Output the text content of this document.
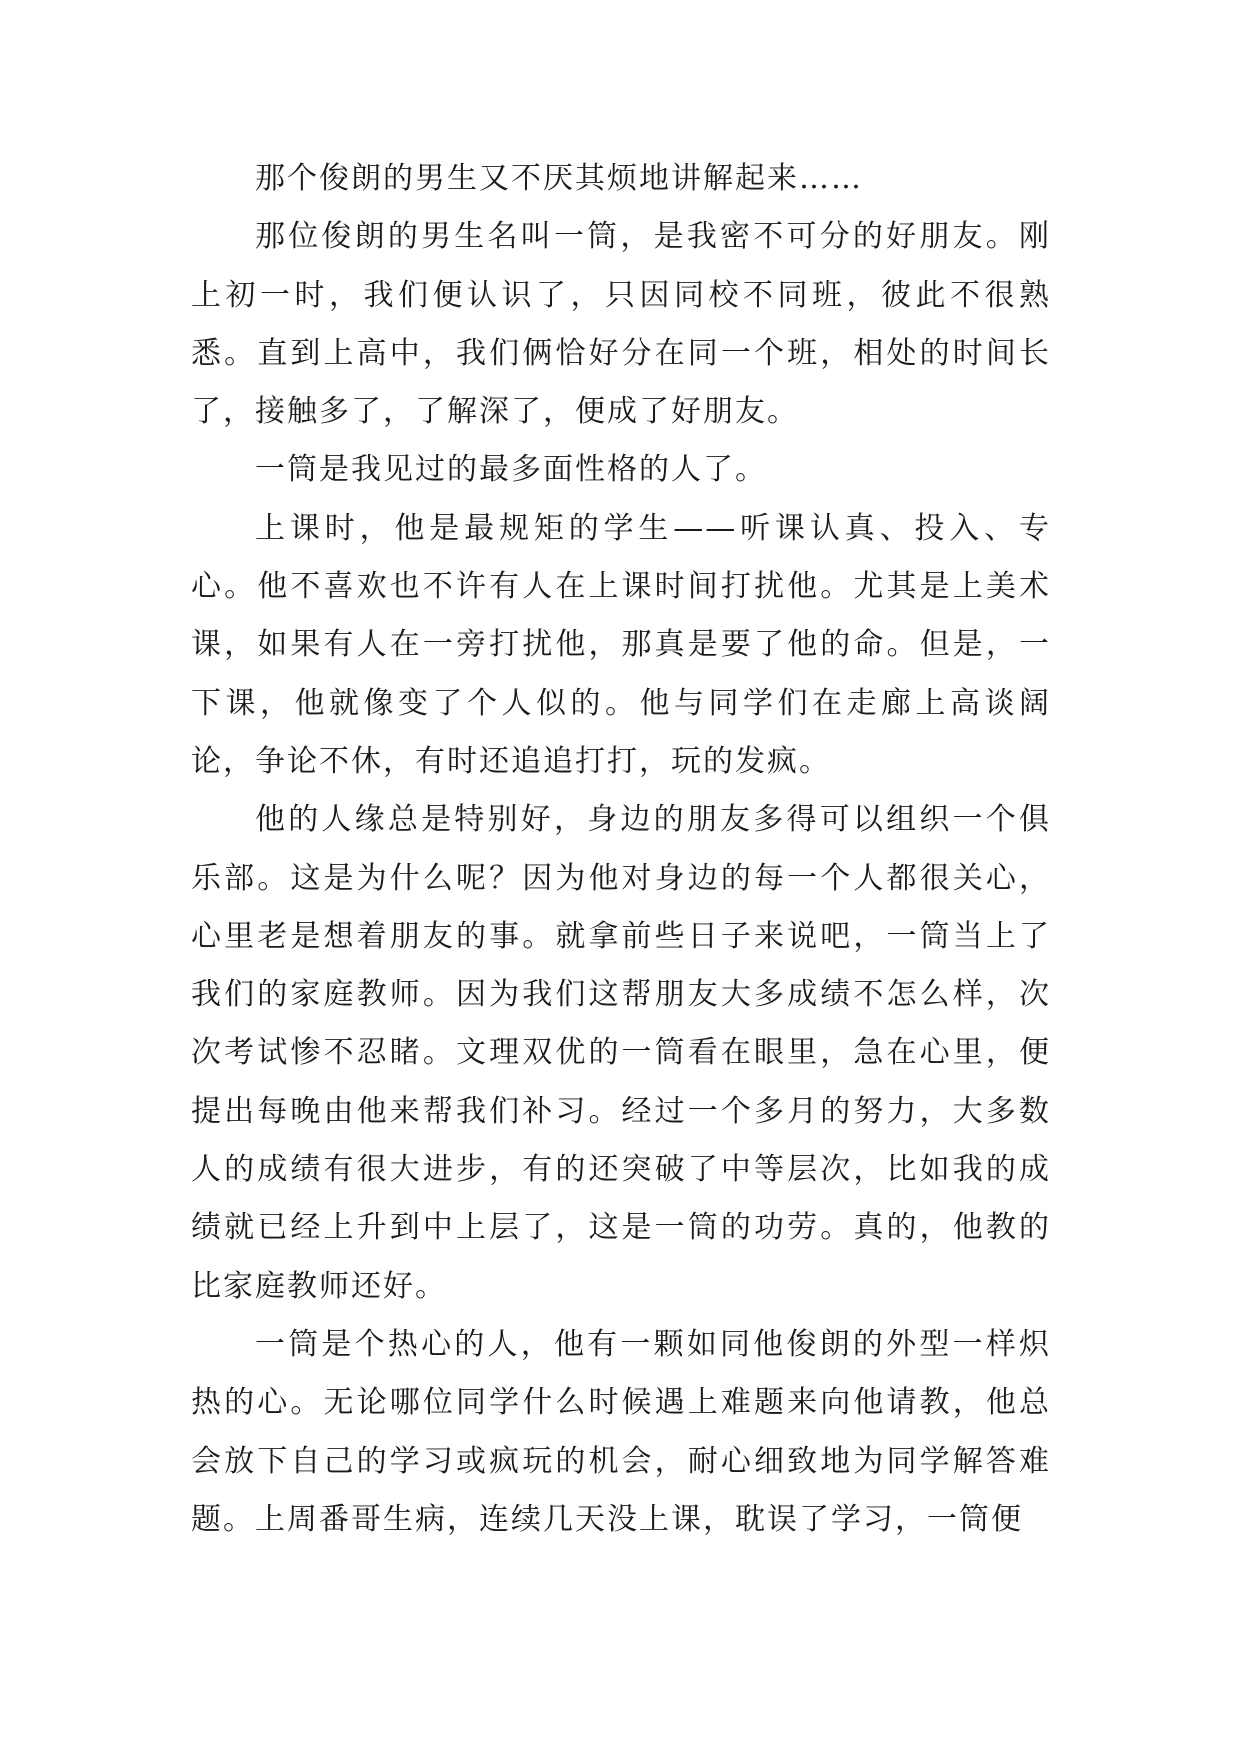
那个俊朗的男生又不厌其烦地讲解起来……

那位俊朗的男生名叫一筒，是我密不可分的好朋友。刚上初一时，我们便认识了，只因同校不同班，彼此不很熟悉。直到上高中，我们俩恰好分在同一个班，相处的时间长了，接触多了，了解深了，便成了好朋友。

一筒是我见过的最多面性格的人了。

上课时，他是最规矩的学生——听课认真、投入、专心。他不喜欢也不许有人在上课时间打扰他。尤其是上美术课，如果有人在一旁打扰他，那真是要了他的命。但是，一下课，他就像变了个人似的。他与同学们在走廊上高谈阔论，争论不休，有时还追追打打，玩的发疯。

他的人缘总是特别好，身边的朋友多得可以组织一个俱乐部。这是为什么呢？因为他对身边的每一个人都很关心，心里老是想着朋友的事。就拿前些日子来说吧，一筒当上了我们的家庭教师。因为我们这帮朋友大多成绩不怎么样，次次考试惨不忍睹。文理双优的一筒看在眼里，急在心里，便提出每晚由他来帮我们补习。经过一个多月的努力，大多数人的成绩有很大进步，有的还突破了中等层次，比如我的成绩就已经上升到中上层了，这是一筒的功劳。真的，他教的比家庭教师还好。

一筒是个热心的人，他有一颗如同他俊朗的外型一样炽热的心。无论哪位同学什么时候遇上难题来向他请教，他总会放下自己的学习或疯玩的机会，耐心细致地为同学解答难题。上周番哥生病，连续几天没上课，耽误了学习，一筒便
